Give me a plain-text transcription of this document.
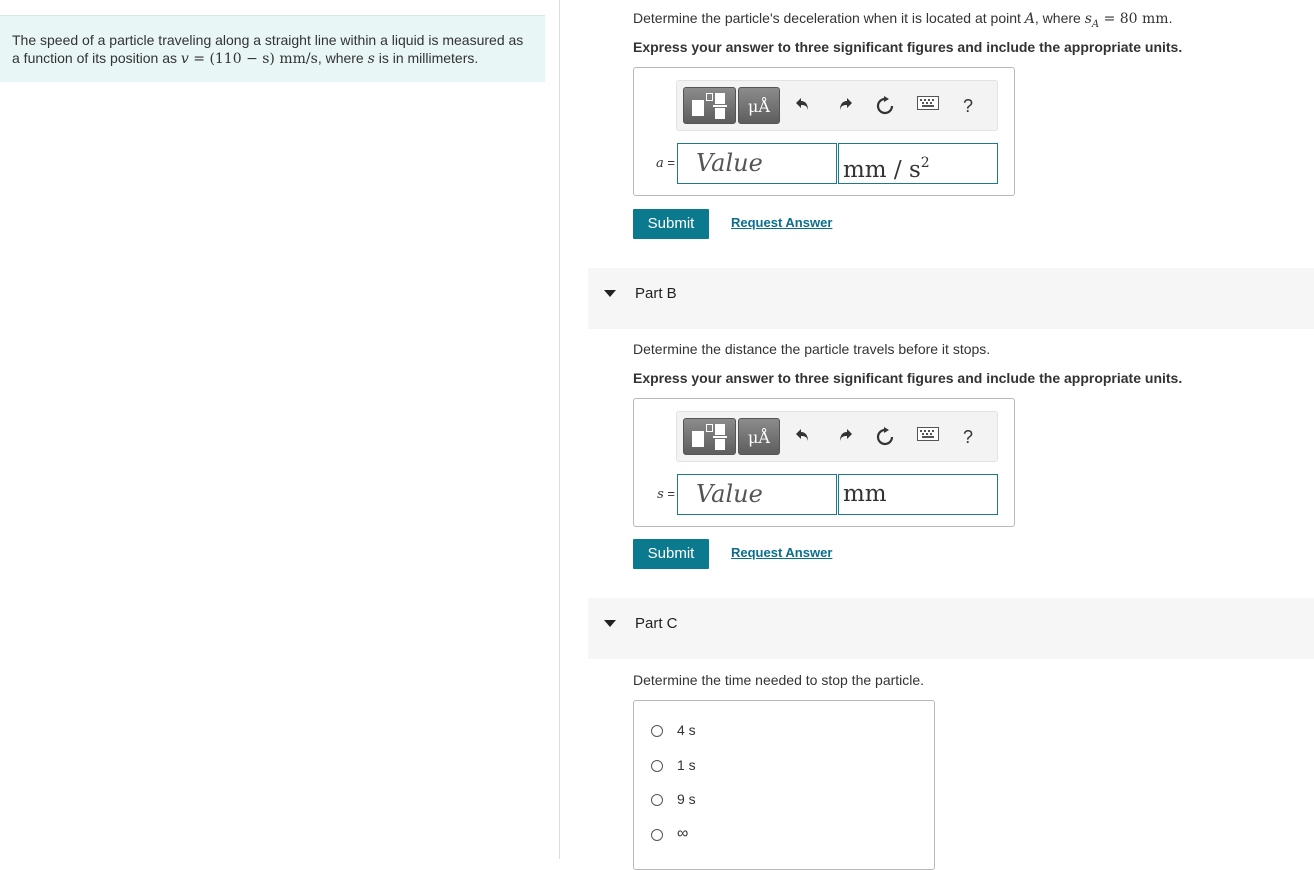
The speed of a particle traveling along a straight line within a liquid is measured as a function of its position as v = (110 − s) mm/s, where s is in millimeters.
Determine the particle's deceleration when it is located at point A, where $s_A = 80$ mm.
Express your answer to three significant figures and include the appropriate units.
μÅ	?
a = Value	mm / $s^2$
Submit	Request Answer
Part B
Determine the distance the particle travels before it stops.
Express your answer to three significant figures and include the appropriate units.
μÅ	?
s = Value	mm
Submit	Request Answer
Part C
Determine the time needed to stop the particle.
4 s
1 s
9 s
∞
